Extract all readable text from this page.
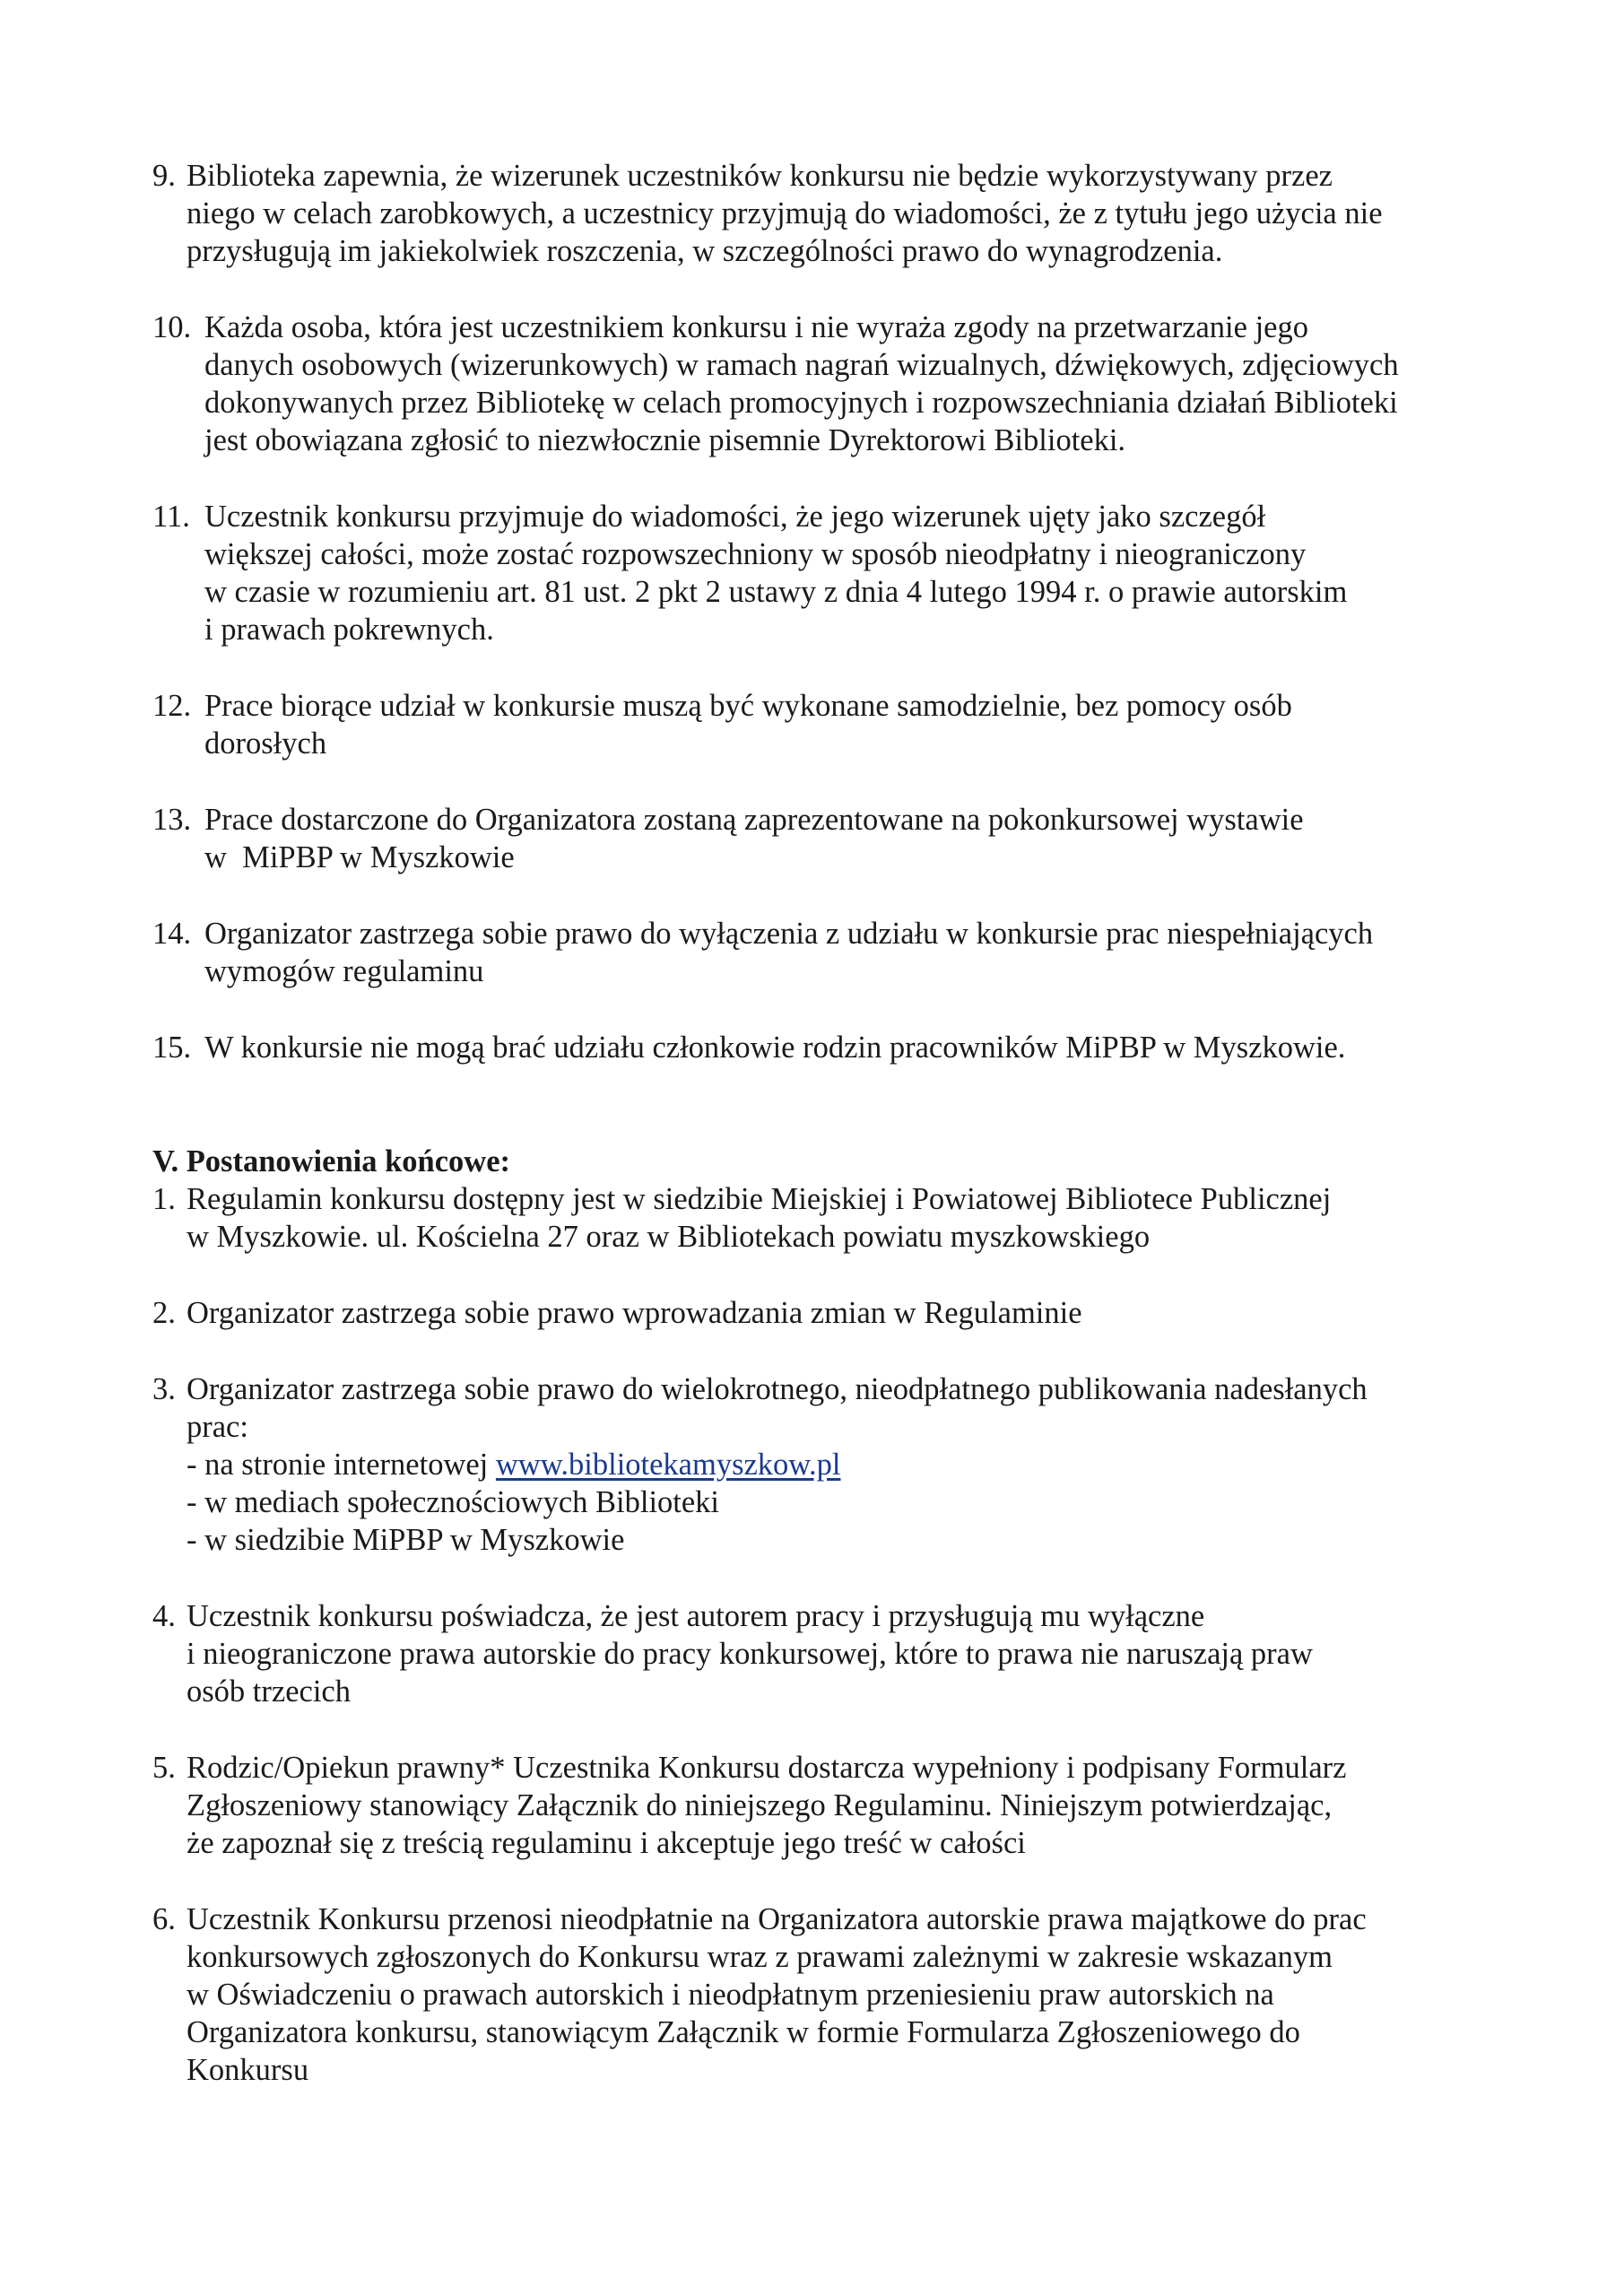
9. Biblioteka zapewnia, że wizerunek uczestników konkursu nie będzie wykorzystywany przez
niego w celach zarobkowych, a uczestnicy przyjmują do wiadomości, że z tytułu jego użycia nie
przysługują im jakiekolwiek roszczenia, w szczególności prawo do wynagrodzenia.
10. Każda osoba, która jest uczestnikiem konkursu i nie wyraża zgody na przetwarzanie jego
danych osobowych (wizerunkowych) w ramach nagrań wizualnych, dźwiękowych, zdjęciowych
dokonywanych przez Bibliotekę w celach promocyjnych i rozpowszechniania działań Biblioteki
jest obowiązana zgłosić to niezwłocznie pisemnie Dyrektorowi Biblioteki.
11. Uczestnik konkursu przyjmuje do wiadomości, że jego wizerunek ujęty jako szczegół
większej całości, może zostać rozpowszechniony w sposób nieodpłatny i nieograniczony
w czasie w rozumieniu art. 81 ust. 2 pkt 2 ustawy z dnia 4 lutego 1994 r. o prawie autorskim
i prawach pokrewnych.
12. Prace biorące udział w konkursie muszą być wykonane samodzielnie, bez pomocy osób
dorosłych
13. Prace dostarczone do Organizatora zostaną zaprezentowane na pokonkursowej wystawie
w  MiPBP w Myszkowie
14. Organizator zastrzega sobie prawo do wyłączenia z udziału w konkursie prac niespełniających
wymogów regulaminu
15. W konkursie nie mogą brać udziału członkowie rodzin pracowników MiPBP w Myszkowie.
V. Postanowienia końcowe:
1. Regulamin konkursu dostępny jest w siedzibie Miejskiej i Powiatowej Bibliotece Publicznej
w Myszkowie. ul. Kościelna 27 oraz w Bibliotekach powiatu myszkowskiego
2. Organizator zastrzega sobie prawo wprowadzania zmian w Regulaminie
3. Organizator zastrzega sobie prawo do wielokrotnego, nieodpłatnego publikowania nadesłanych
prac:
- na stronie internetowej www.bibliotekamyszkow.pl
- w mediach społecznościowych Biblioteki
- w siedzibie MiPBP w Myszkowie
4. Uczestnik konkursu poświadcza, że jest autorem pracy i przysługują mu wyłączne
i nieograniczone prawa autorskie do pracy konkursowej, które to prawa nie naruszają praw
osób trzecich
5. Rodzic/Opiekun prawny* Uczestnika Konkursu dostarcza wypełniony i podpisany Formularz
Zgłoszeniowy stanowiący Załącznik do niniejszego Regulaminu. Niniejszym potwierdzając,
że zapoznał się z treścią regulaminu i akceptuje jego treść w całości
6. Uczestnik Konkursu przenosi nieodpłatnie na Organizatora autorskie prawa majątkowe do prac
konkursowych zgłoszonych do Konkursu wraz z prawami zależnymi w zakresie wskazanym
w Oświadczeniu o prawach autorskich i nieodpłatnym przeniesieniu praw autorskich na
Organizatora konkursu, stanowiącym Załącznik w formie Formularza Zgłoszeniowego do
Konkursu
